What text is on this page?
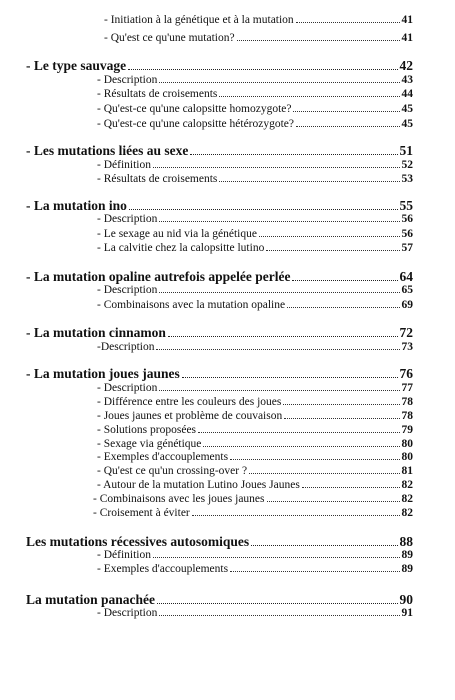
- Initiation à la génétique et à la mutation	41
- Qu'est ce qu'une mutation?	41
- Le type sauvage	42
- Description	43
- Résultats de croisements	44
- Qu'est-ce qu'une calopsitte homozygote?	45
- Qu'est-ce qu'une calopsitte hétérozygote?	45
- Les mutations liées au sexe	51
- Définition	52
- Résultats de croisements	53
- La mutation ino	55
- Description	56
- Le sexage au nid via la génétique	56
- La calvitie chez la calopsitte lutino	57
- La mutation opaline autrefois appelée perlée	64
- Description	65
- Combinaisons avec la mutation opaline	69
- La mutation cinnamon	72
-Description	73
- La mutation joues jaunes	76
- Description	77
- Différence entre les couleurs des joues	78
- Joues jaunes et problème de couvaison	78
- Solutions proposées	79
- Sexage via génétique	80
- Exemples d'accouplements	80
- Qu'est ce qu'un crossing-over ?	81
- Autour de la mutation Lutino Joues Jaunes	82
- Combinaisons avec les joues jaunes	82
- Croisement à éviter	82
Les mutations récessives autosomiques	88
- Définition	89
- Exemples d'accouplements	89
La mutation panachée	90
- Description	91
